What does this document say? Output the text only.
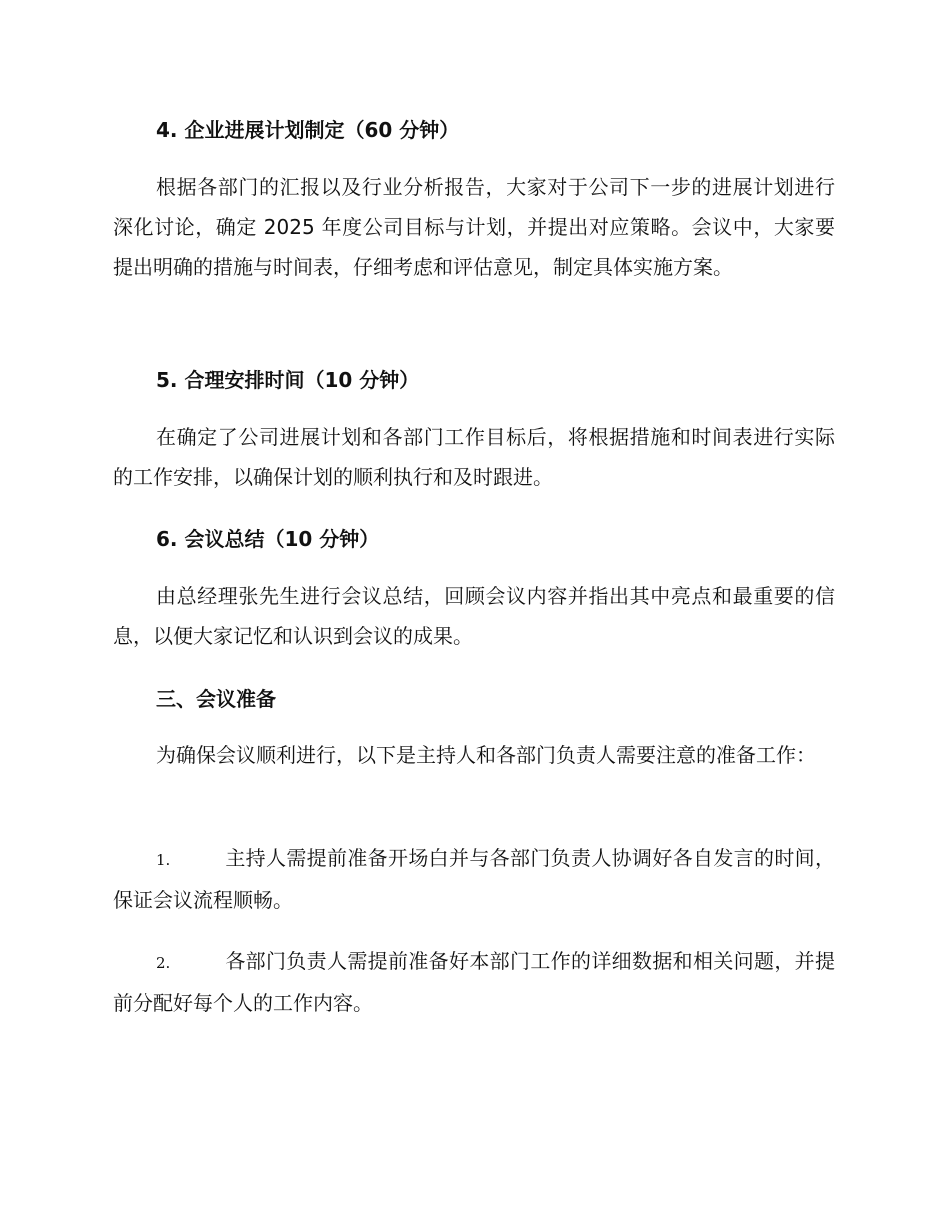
4. 企业进展计划制定（60 分钟）
根据各部门的汇报以及行业分析报告，大家对于公司下一步的进展计划进行深化讨论，确定 2025 年度公司目标与计划，并提出对应策略。会议中，大家要提出明确的措施与时间表，仔细考虑和评估意见，制定具体实施方案。
5. 合理安排时间（10 分钟）
在确定了公司进展计划和各部门工作目标后，将根据措施和时间表进行实际的工作安排，以确保计划的顺利执行和及时跟进。
6. 会议总结（10 分钟）
由总经理张先生进行会议总结，回顾会议内容并指出其中亮点和最重要的信息，以便大家记忆和认识到会议的成果。
三、会议准备
为确保会议顺利进行，以下是主持人和各部门负责人需要注意的准备工作：
1.	主持人需提前准备开场白并与各部门负责人协调好各自发言的时间，保证会议流程顺畅。
2.	各部门负责人需提前准备好本部门工作的详细数据和相关问题，并提前分配好每个人的工作内容。
